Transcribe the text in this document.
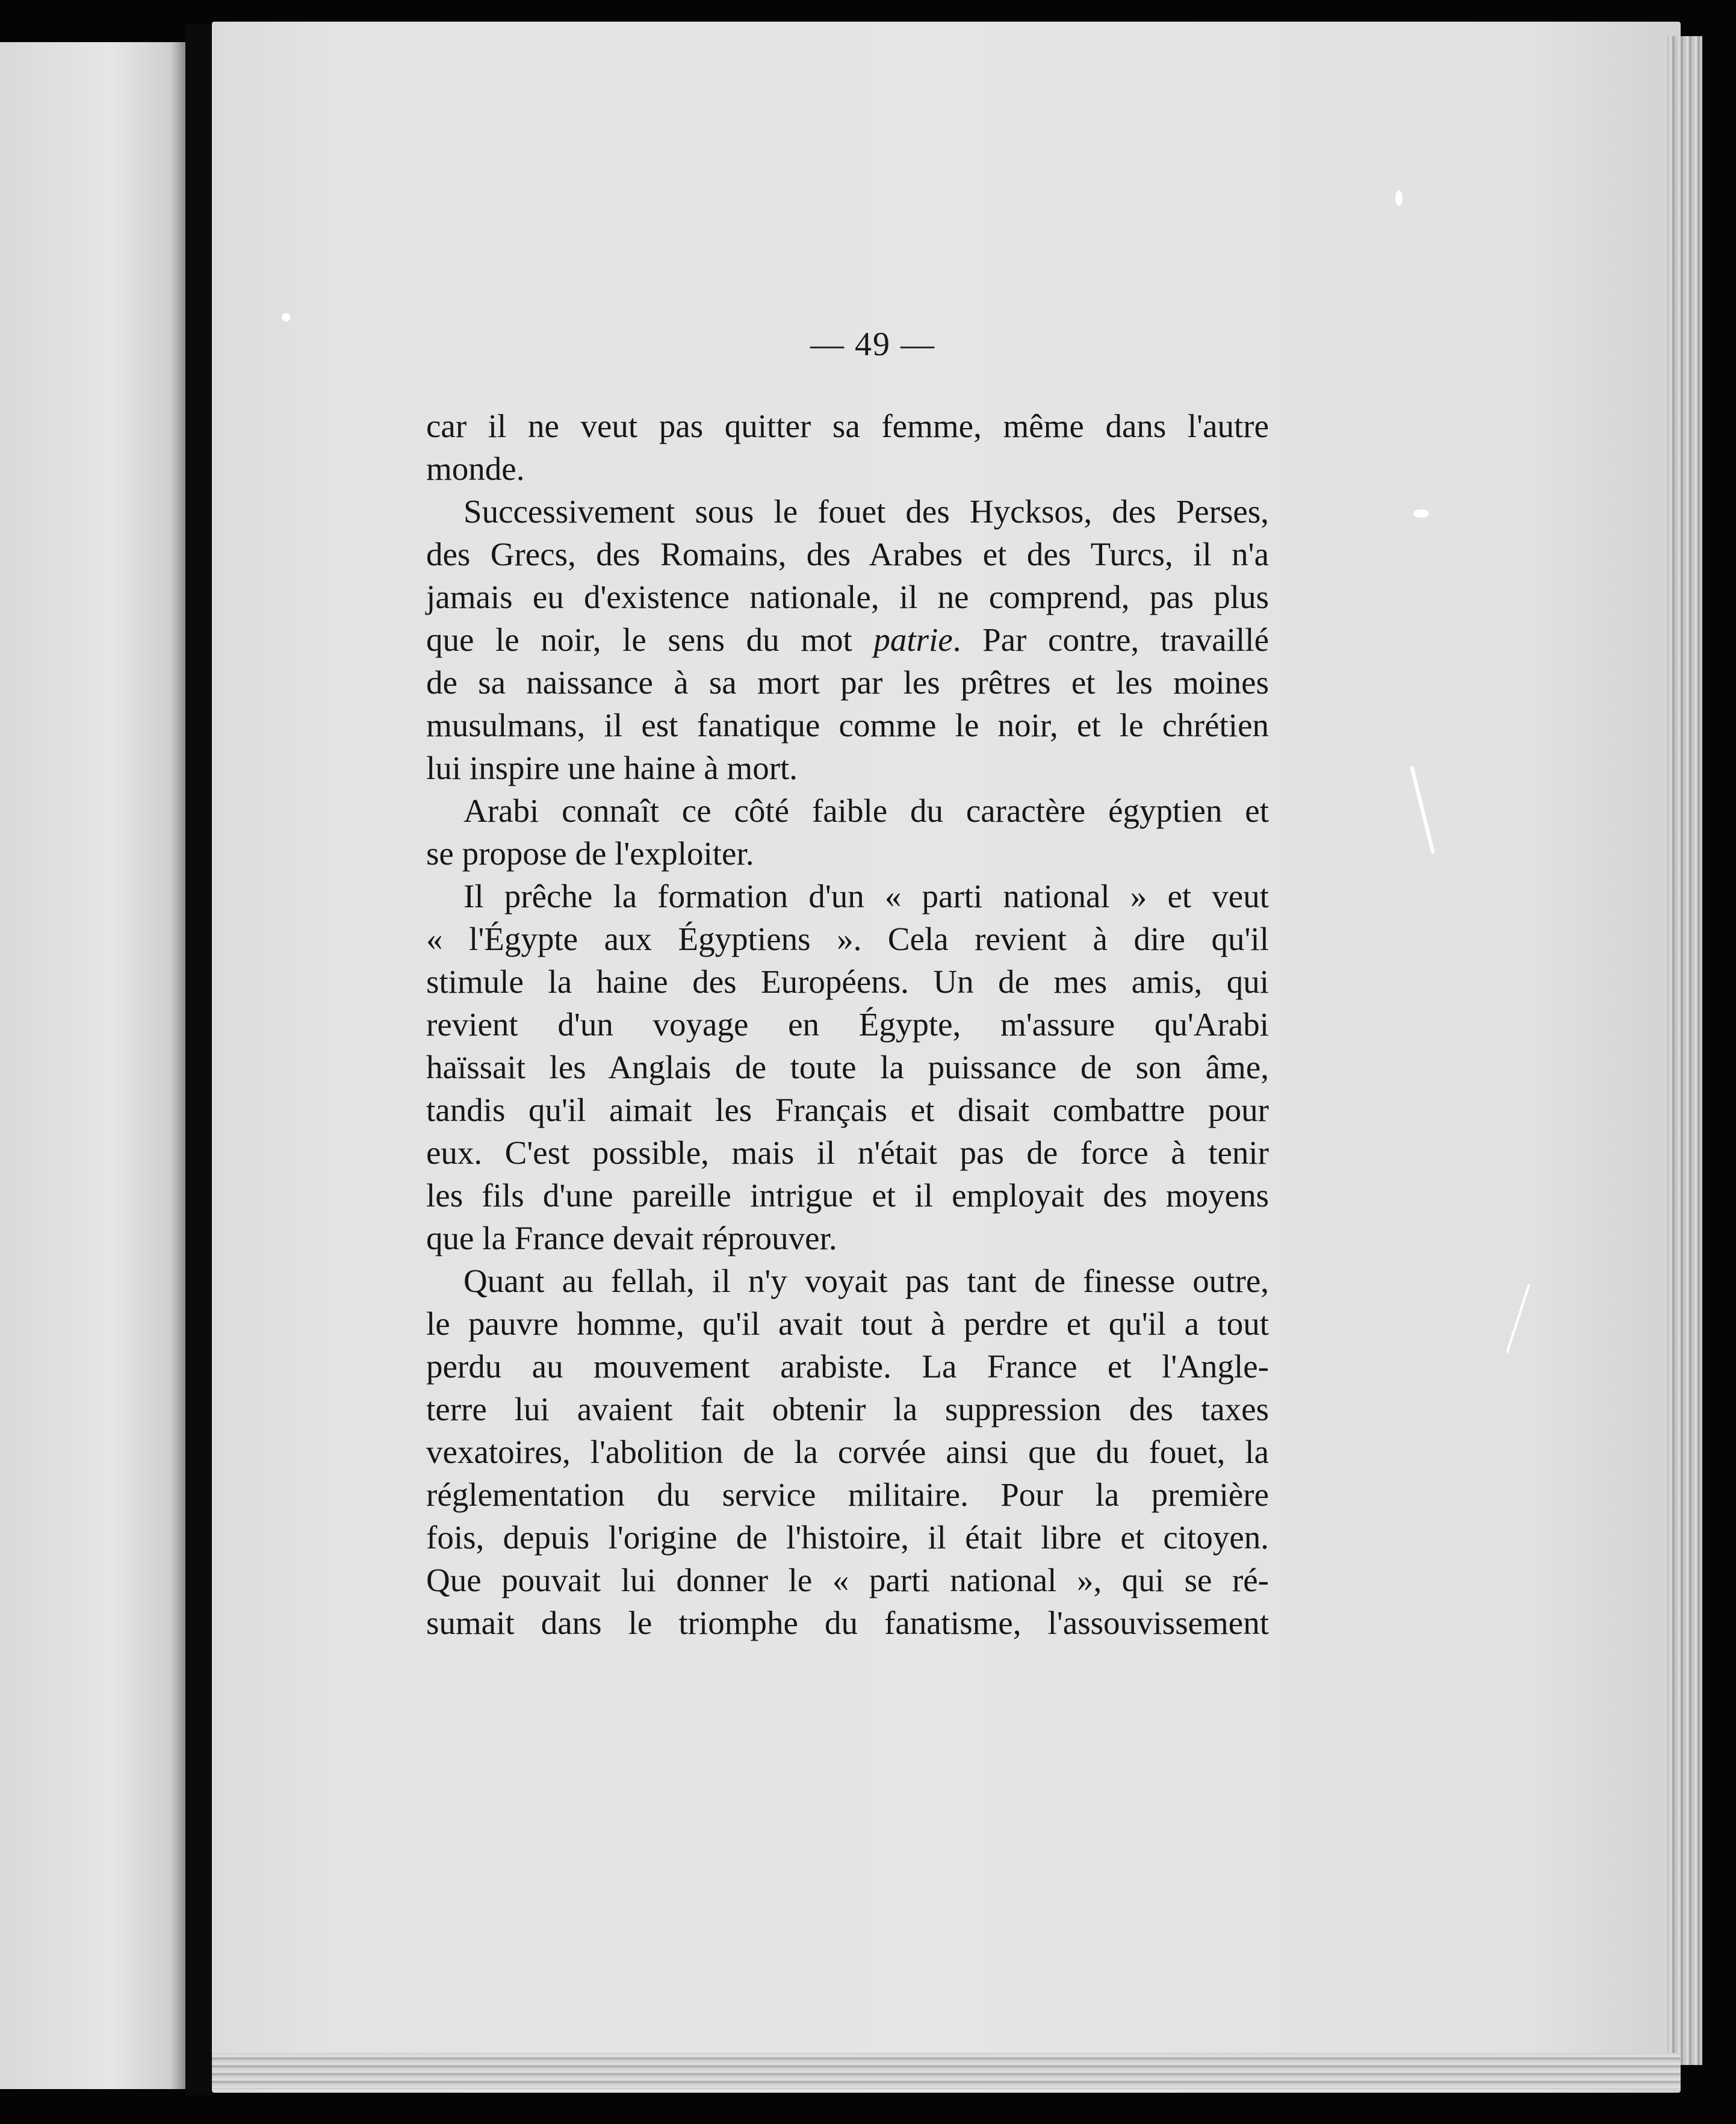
— 49 —
car il ne veut pas quitter sa femme, même dans l'autre
monde.
Successivement sous le fouet des Hycksos, des Perses,
des Grecs, des Romains, des Arabes et des Turcs, il n'a
jamais eu d'existence nationale, il ne comprend, pas plus
que le noir, le sens du mot patrie. Par contre, travaillé
de sa naissance à sa mort par les prêtres et les moines
musulmans, il est fanatique comme le noir, et le chrétien
lui inspire une haine à mort.
Arabi connaît ce côté faible du caractère égyptien et
se propose de l'exploiter.
Il prêche la formation d'un « parti national » et veut
« l'Égypte aux Égyptiens ». Cela revient à dire qu'il
stimule la haine des Européens. Un de mes amis, qui
revient d'un voyage en Égypte, m'assure qu'Arabi
haïssait les Anglais de toute la puissance de son âme,
tandis qu'il aimait les Français et disait combattre pour
eux. C'est possible, mais il n'était pas de force à tenir
les fils d'une pareille intrigue et il employait des moyens
que la France devait réprouver.
Quant au fellah, il n'y voyait pas tant de finesse outre,
le pauvre homme, qu'il avait tout à perdre et qu'il a tout
perdu au mouvement arabiste. La France et l'Angle-
terre lui avaient fait obtenir la suppression des taxes
vexatoires, l'abolition de la corvée ainsi que du fouet, la
réglementation du service militaire. Pour la première
fois, depuis l'origine de l'histoire, il était libre et citoyen.
Que pouvait lui donner le « parti national », qui se ré-
sumait dans le triomphe du fanatisme, l'assouvissement
